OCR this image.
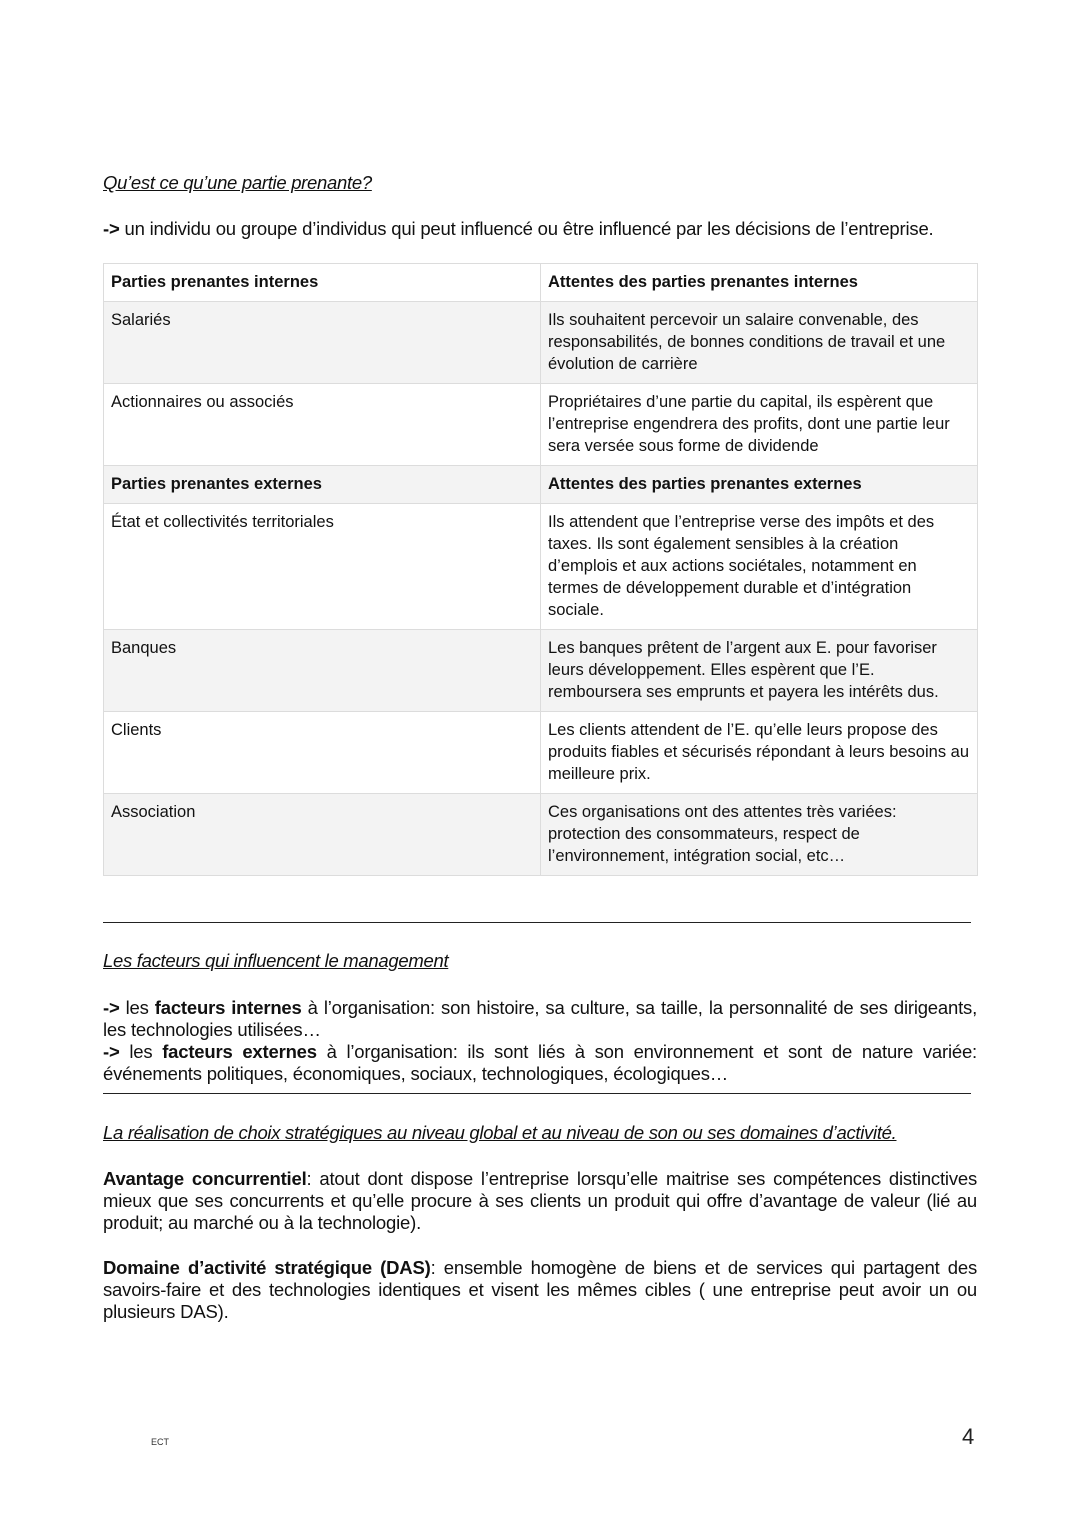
Qu’est ce qu’une partie prenante?

-> un individu ou groupe d’individus qui peut influencé ou être influencé par les décisions de l’entreprise.

Parties prenantes internes	Attentes des parties prenantes internes
Salariés	Ils souhaitent percevoir un salaire convenable, des responsabilités, de bonnes conditions de travail et une évolution de carrière
Actionnaires ou associés	Propriétaires d’une partie du capital, ils espèrent que l’entreprise engendrera des profits, dont une partie leur sera versée sous forme de dividende
Parties prenantes externes	Attentes des parties prenantes externes
État et collectivités territoriales	Ils attendent que l’entreprise verse des impôts et des taxes. Ils sont également sensibles à la création d’emplois et aux actions sociétales, notamment en termes de développement durable et d’intégration sociale.
Banques	Les banques prêtent de l’argent aux E. pour favoriser leurs développement. Elles espèrent que l’E. remboursera ses emprunts et payera les intérêts dus.
Clients	Les clients attendent de l’E. qu’elle leurs propose des produits fiables et sécurisés répondant à leurs besoins au meilleure prix.
Association	Ces organisations ont des attentes très variées: protection des consommateurs, respect de l’environnement, intégration social, etc…

Les facteurs qui influencent le management

-> les facteurs internes à l’organisation: son histoire, sa culture, sa taille, la personnalité de ses dirigeants, les technologies utilisées…

-> les facteurs externes à l’organisation: ils sont liés à son environnement et sont de nature variée: événements politiques, économiques, sociaux, technologiques, écologiques…

La réalisation de choix stratégiques au niveau global et au niveau de son ou ses domaines d’activité.

Avantage concurrentiel: atout dont dispose l’entreprise lorsqu’elle maitrise ses compétences distinctives mieux que ses concurrents et qu’elle procure à ses clients un produit qui offre d’avantage de valeur (lié au produit; au marché ou à la technologie).

Domaine d’activité stratégique (DAS): ensemble homogène de biens et de services qui partagent des savoirs-faire et des technologies identiques et visent les mêmes cibles ( une entreprise peut avoir un ou plusieurs DAS).

ECT	4
